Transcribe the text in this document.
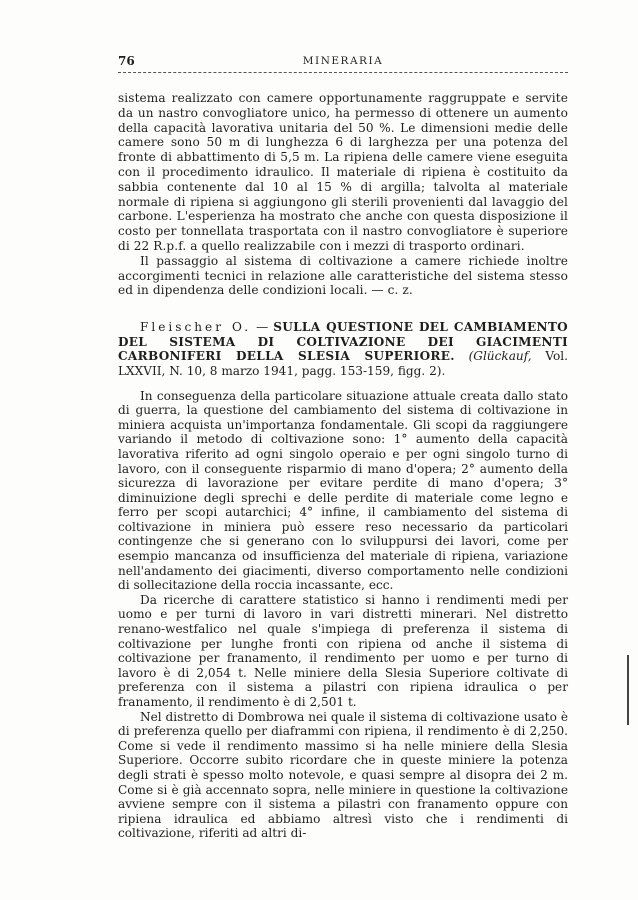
76	MINERARIA

sistema realizzato con camere opportunamente raggruppate e servite da un nastro convogliatore unico, ha permesso di ottenere un aumento della capacità lavorativa unitaria del 50 %. Le dimensioni medie delle camere sono 50 m di lunghezza 6 di larghezza per una potenza del fronte di abbattimento di 5,5 m. La ripiena delle camere viene eseguita con il procedimento idraulico. Il materiale di ripiena è costituito da sabbia contenente dal 10 al 15 % di argilla; talvolta al materiale normale di ripiena si aggiungono gli sterili provenienti dal lavaggio del carbone. L'esperienza ha mostrato che anche con questa disposizione il costo per tonnellata trasportata con il nastro convogliatore è superiore di 22 R.p.f. a quello realizzabile con i mezzi di trasporto ordinari.

Il passaggio al sistema di coltivazione a camere richiede inoltre accorgimenti tecnici in relazione alle caratteristiche del sistema stesso ed in dipendenza delle condizioni locali. — c. z.

Fleischer O. — SULLA QUESTIONE DEL CAMBIAMENTO DEL SISTEMA DI COLTIVAZIONE DEI GIACIMENTI CARBONIFERI DELLA SLESIA SUPERIORE. (Glückauf, Vol. LXXVII, N. 10, 8 marzo 1941, pagg. 153-159, figg. 2).

In conseguenza della particolare situazione attuale creata dallo stato di guerra, la questione del cambiamento del sistema di coltivazione in miniera acquista un'importanza fondamentale. Gli scopi da raggiungere variando il metodo di coltivazione sono: 1° aumento della capacità lavorativa riferito ad ogni singolo operaio e per ogni singolo turno di lavoro, con il conseguente risparmio di mano d'opera; 2° aumento della sicurezza di lavorazione per evitare perdite di mano d'opera; 3° diminuizione degli sprechi e delle perdite di materiale come legno e ferro per scopi autarchici; 4° infine, il cambiamento del sistema di coltivazione in miniera può essere reso necessario da particolari contingenze che si generano con lo sviluppursi dei lavori, come per esempio mancanza od insufficienza del materiale di ripiena, variazione nell'andamento dei giacimenti, diverso comportamento nelle condizioni di sollecitazione della roccia incassante, ecc.

Da ricerche di carattere statistico si hanno i rendimenti medi per uomo e per turni di lavoro in vari distretti minerari. Nel distretto renano-westfalico nel quale s'impiega di preferenza il sistema di coltivazione per lunghe fronti con ripiena od anche il sistema di coltivazione per franamento, il rendimento per uomo e per turno di lavoro è di 2,054 t. Nelle miniere della Slesia Superiore coltivate di preferenza con il sistema a pilastri con ripiena idraulica o per franamento, il rendimento è di 2,501 t.

Nel distretto di Dombrowa nei quale il sistema di coltivazione usato è di preferenza quello per diaframmi con ripiena, il rendimento è di 2,250. Come si vede il rendimento massimo si ha nelle miniere della Slesia Superiore. Occorre subito ricordare che in queste miniere la potenza degli strati è spesso molto notevole, e quasi sempre al disopra dei 2 m. Come si è già accennato sopra, nelle miniere in questione la coltivazione avviene sempre con il sistema a pilastri con franamento oppure con ripiena idraulica ed abbiamo altresì visto che i rendimenti di coltivazione, riferiti ad altri di-
